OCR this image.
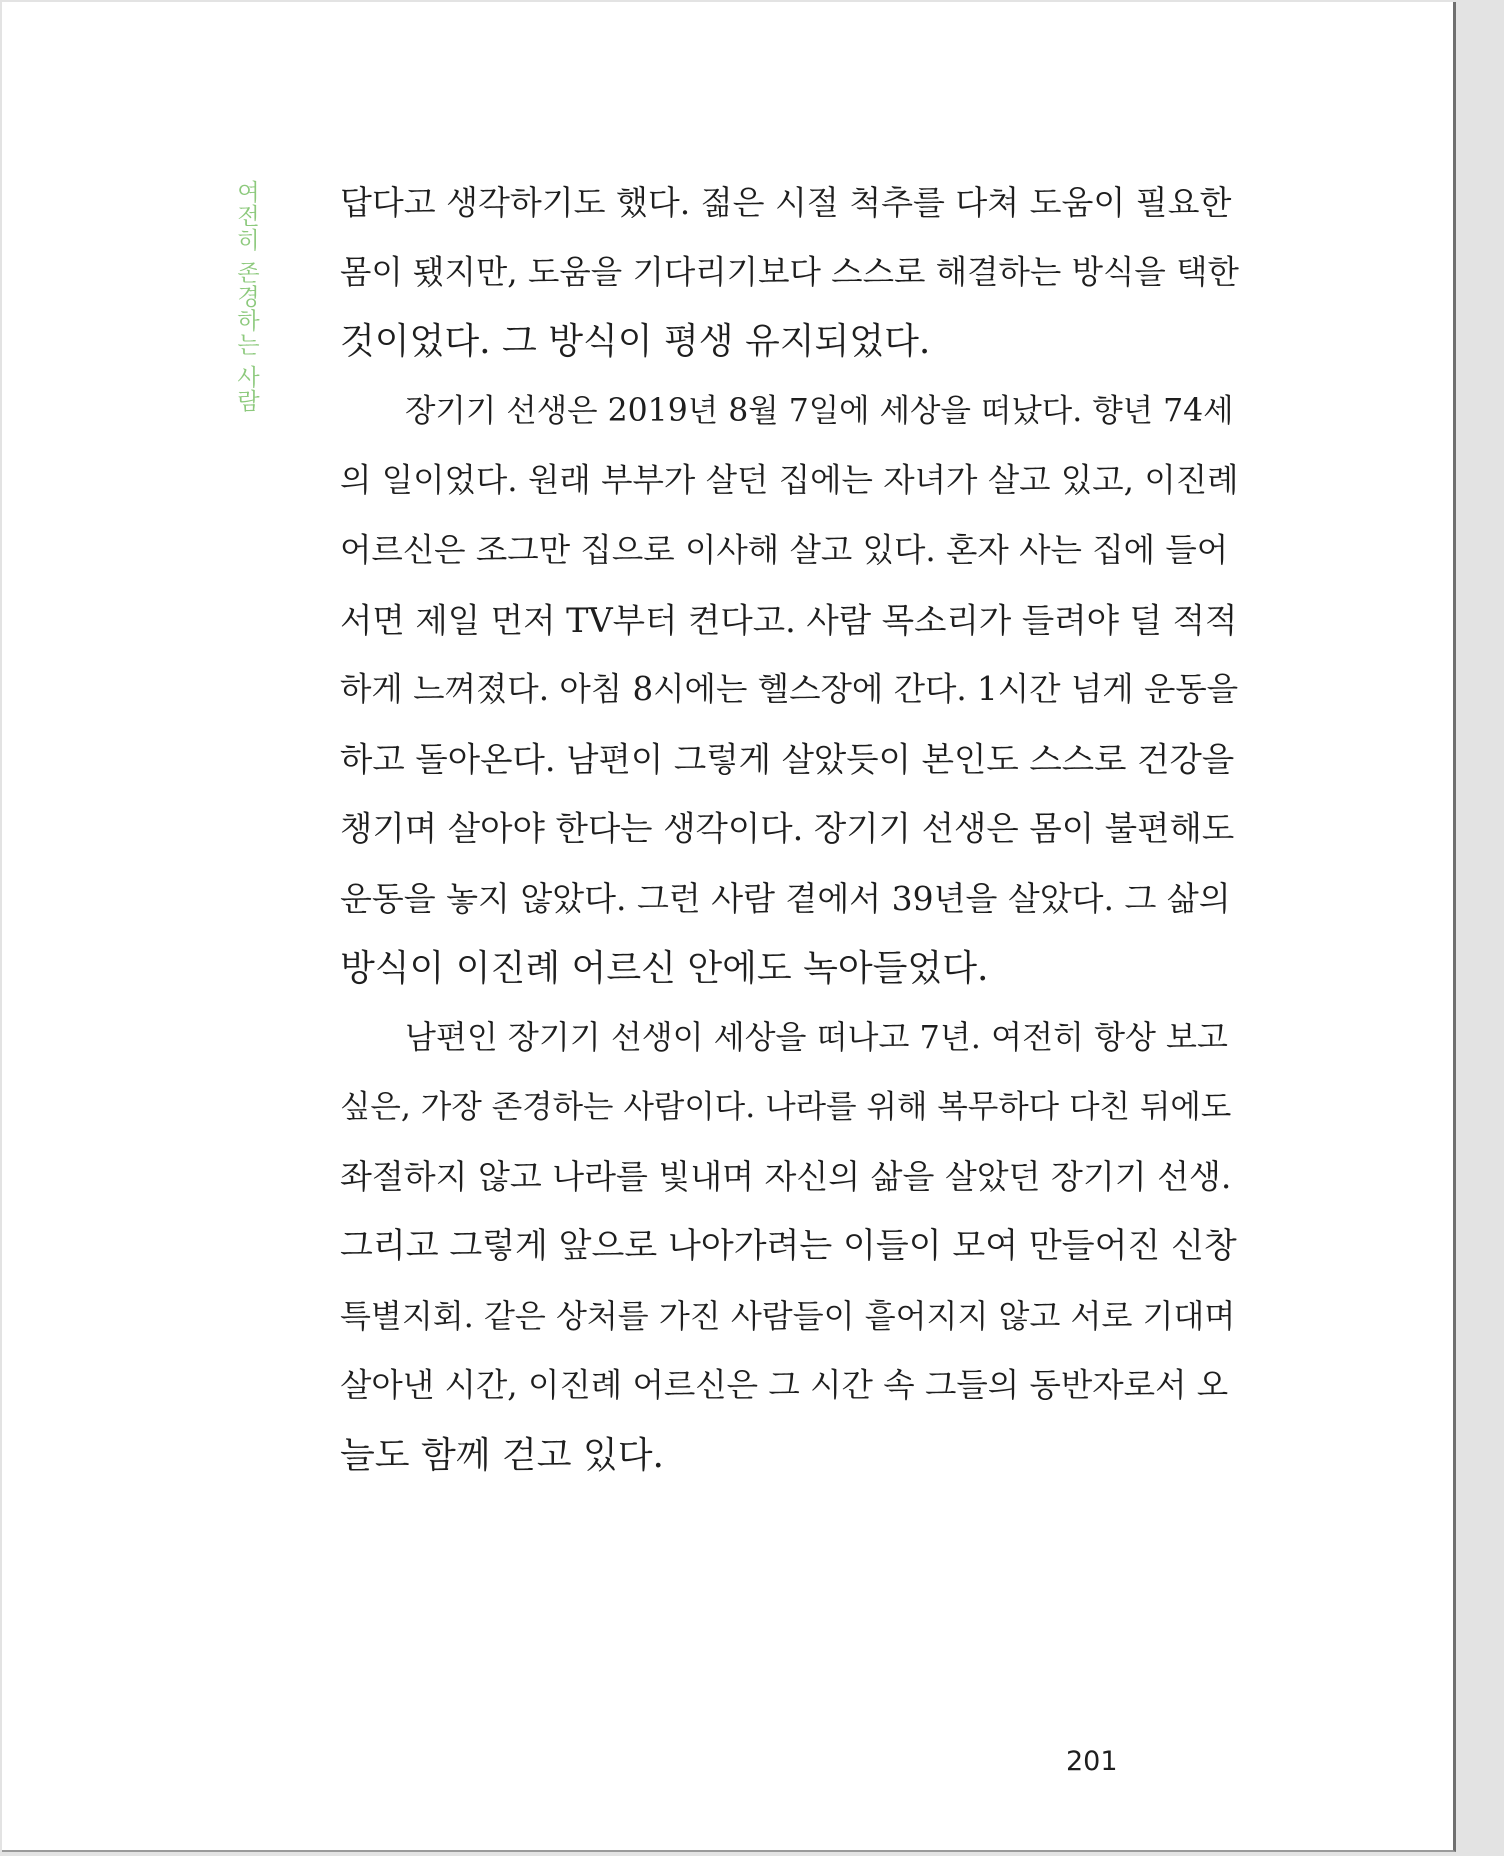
여전히 존경하는 사람 답다고 생각하기도 했다. 젊은 시절 척추를 다쳐 도움이 필요한
몸이 됐지만, 도움을 기다리기보다 스스로 해결하는 방식을 택한
것이었다. 그 방식이 평생 유지되었다.
장기기 선생은 2019년 8월 7일에 세상을 떠났다. 향년 74세
의 일이었다. 원래 부부가 살던 집에는 자녀가 살고 있고, 이진례
어르신은 조그만 집으로 이사해 살고 있다. 혼자 사는 집에 들어
서면 제일 먼저 TV부터 켠다고. 사람 목소리가 들려야 덜 적적
하게 느껴졌다. 아침 8시에는 헬스장에 간다. 1시간 넘게 운동을
하고 돌아온다. 남편이 그렇게 살았듯이 본인도 스스로 건강을
챙기며 살아야 한다는 생각이다. 장기기 선생은 몸이 불편해도
운동을 놓지 않았다. 그런 사람 곁에서 39년을 살았다. 그 삶의
방식이 이진례 어르신 안에도 녹아들었다.
남편인 장기기 선생이 세상을 떠나고 7년. 여전히 항상 보고
싶은, 가장 존경하는 사람이다. 나라를 위해 복무하다 다친 뒤에도
좌절하지 않고 나라를 빛내며 자신의 삶을 살았던 장기기 선생.
그리고 그렇게 앞으로 나아가려는 이들이 모여 만들어진 신창
특별지회. 같은 상처를 가진 사람들이 흩어지지 않고 서로 기대며
살아낸 시간, 이진례 어르신은 그 시간 속 그들의 동반자로서 오
늘도 함께 걷고 있다.
201
